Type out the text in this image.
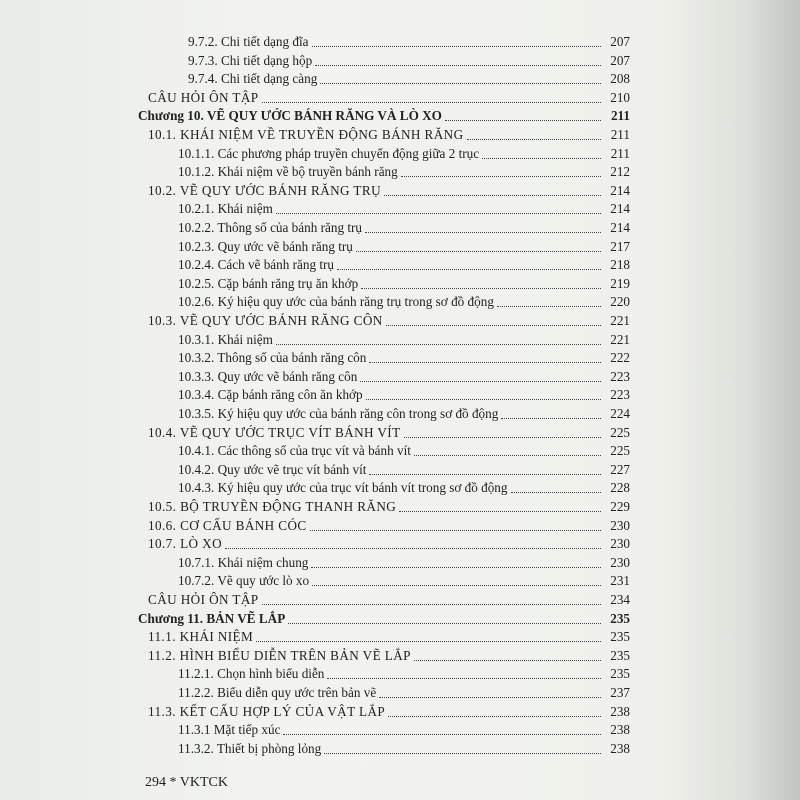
9.7.2. Chi tiết dạng đĩa	207
9.7.3. Chi tiết dạng hộp	207
9.7.4. Chi tiết dạng càng	208
CÂU HỎI ÔN TẬP	210
Chương 10. VẼ QUY ƯỚC BÁNH RĂNG VÀ LÒ XO	211
10.1. KHÁI NIỆM VỀ TRUYỀN ĐỘNG BÁNH RĂNG	211
10.1.1. Các phương pháp truyền chuyển động giữa 2 trục	211
10.1.2. Khái niệm về bộ truyền bánh răng	212
10.2. VẼ QUY ƯỚC BÁNH RĂNG TRỤ	214
10.2.1. Khái niệm	214
10.2.2. Thông số của bánh răng trụ	214
10.2.3. Quy ước vẽ bánh răng trụ	217
10.2.4. Cách vẽ bánh răng trụ	218
10.2.5. Cặp bánh răng trụ ăn khớp	219
10.2.6. Ký hiệu quy ước của bánh răng trụ trong sơ đồ động	220
10.3. VẼ QUY ƯỚC BÁNH RĂNG CÔN	221
10.3.1. Khái niệm	221
10.3.2. Thông số của bánh răng côn	222
10.3.3. Quy ước vẽ bánh răng côn	223
10.3.4. Cặp bánh răng côn ăn khớp	223
10.3.5. Ký hiệu quy ước của bánh răng côn trong sơ đồ động	224
10.4. VẼ QUY ƯỚC TRỤC VÍT BÁNH VÍT	225
10.4.1. Các thông số của trục vít và bánh vít	225
10.4.2. Quy ước vẽ trục vít bánh vít	227
10.4.3. Ký hiệu quy ước của trục vít bánh vít trong sơ đồ động	228
10.5. BỘ TRUYỀN ĐỘNG THANH RĂNG	229
10.6. CƠ CẤU BÁNH CÓC	230
10.7. LÒ XO	230
10.7.1. Khái niệm chung	230
10.7.2. Vẽ quy ước lò xo	231
CÂU HỎI ÔN TẬP	234
Chương 11. BẢN VẼ LẮP	235
11.1. KHÁI NIỆM	235
11.2. HÌNH BIỂU DIỄN TRÊN BẢN VẼ LẮP	235
11.2.1. Chọn hình biểu diễn	235
11.2.2. Biểu diễn quy ước trên bản vẽ	237
11.3. KẾT CẤU HỢP LÝ CỦA VẬT LẮP	238
11.3.1 Mặt tiếp xúc	238
11.3.2. Thiết bị phòng lỏng	238
294 * VKTCK
